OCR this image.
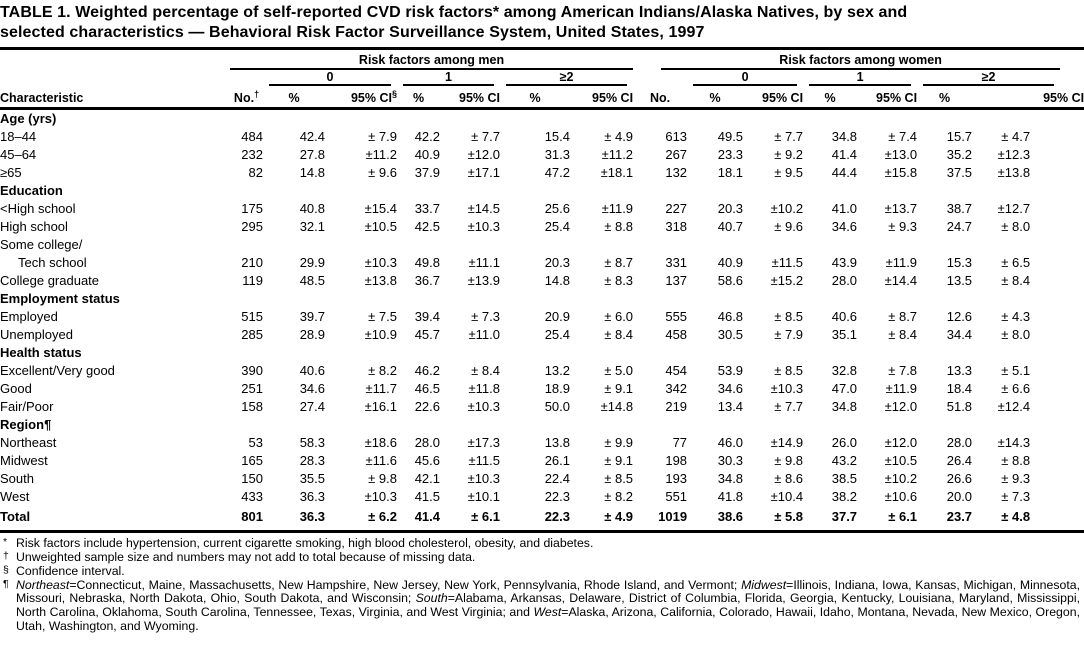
TABLE 1. Weighted percentage of self-reported CVD risk factors* among American Indians/Alaska Natives, by sex and
selected characteristics — Behavioral Risk Factor Surveillance System, United States, 1997

	Risk factors among men							Risk factors among women						

		0		1		≥2			0		1		≥2	

Characteristic	No.†	%	95% CI§	%	95% CI	%	95% CI	No.	%	95% CI	%	95% CI	%	95% CI
Age (yrs)														

18–44	484	42.4	± 7.9	42.2	± 7.7	15.4	± 4.9	613	49.5	± 7.7	34.8	± 7.4	15.7	± 4.7

45–64	232	27.8	±11.2	40.9	±12.0	31.3	±11.2	267	23.3	± 9.2	41.4	±13.0	35.2	±12.3

≥65	82	14.8	± 9.6	37.9	±17.1	47.2	±18.1	132	18.1	± 9.5	44.4	±15.8	37.5	±13.8
Education														

<High school	175	40.8	±15.4	33.7	±14.5	25.6	±11.9	227	20.3	±10.2	41.0	±13.7	38.7	±12.7

High school	295	32.1	±10.5	42.5	±10.3	25.4	± 8.8	318	40.7	± 9.6	34.6	± 9.3	24.7	± 8.0

Some college/
Tech school	210	29.9	±10.3	49.8	±11.1	20.3	± 8.7	331	40.9	±11.5	43.9	±11.9	15.3	± 6.5

College graduate	119	48.5	±13.8	36.7	±13.9	14.8	± 8.3	137	58.6	±15.2	28.0	±14.4	13.5	± 8.4
Employment status														

Employed	515	39.7	± 7.5	39.4	± 7.3	20.9	± 6.0	555	46.8	± 8.5	40.6	± 8.7	12.6	± 4.3

Unemployed	285	28.9	±10.9	45.7	±11.0	25.4	± 8.4	458	30.5	± 7.9	35.1	± 8.4	34.4	± 8.0
Health status														

Excellent/Very good	390	40.6	± 8.2	46.2	± 8.4	13.2	± 5.0	454	53.9	± 8.5	32.8	± 7.8	13.3	± 5.1

Good	251	34.6	±11.7	46.5	±11.8	18.9	± 9.1	342	34.6	±10.3	47.0	±11.9	18.4	± 6.6

Fair/Poor	158	27.4	±16.1	22.6	±10.3	50.0	±14.8	219	13.4	± 7.7	34.8	±12.0	51.8	±12.4
Region¶														

Northeast	53	58.3	±18.6	28.0	±17.3	13.8	± 9.9	77	46.0	±14.9	26.0	±12.0	28.0	±14.3

Midwest	165	28.3	±11.6	45.6	±11.5	26.1	± 9.1	198	30.3	± 9.8	43.2	±10.5	26.4	± 8.8

South	150	35.5	± 9.8	42.1	±10.3	22.4	± 8.5	193	34.8	± 8.6	38.5	±10.2	26.6	± 9.3

West	433	36.3	±10.3	41.5	±10.1	22.3	± 8.2	551	41.8	±10.4	38.2	±10.6	20.0	± 7.3
Total	801	36.3	± 6.2	41.4	± 6.1	22.3	± 4.9	1019	38.6	± 5.8	37.7	± 6.1	23.7	± 4.8
* Risk factors include hypertension, current cigarette smoking, high blood cholesterol, obesity, and diabetes.
† Unweighted sample size and numbers may not add to total because of missing data.
§ Confidence interval.
¶ Northeast=Connecticut, Maine, Massachusetts, New Hampshire, New Jersey, New York, Pennsylvania, Rhode Island, and Vermont; Midwest=Illinois, Indiana, Iowa, Kansas, Michigan, Minnesota, Missouri, Nebraska, North Dakota, Ohio, South Dakota, and Wisconsin; South=Alabama, Arkansas, Delaware, District of Columbia, Florida, Georgia, Kentucky, Louisiana, Maryland, Mississippi, North Carolina, Oklahoma, South Carolina, Tennessee, Texas, Virginia, and West Virginia; and West=Alaska, Arizona, California, Colorado, Hawaii, Idaho, Montana, Nevada, New Mexico, Oregon, Utah, Washington, and Wyoming.
